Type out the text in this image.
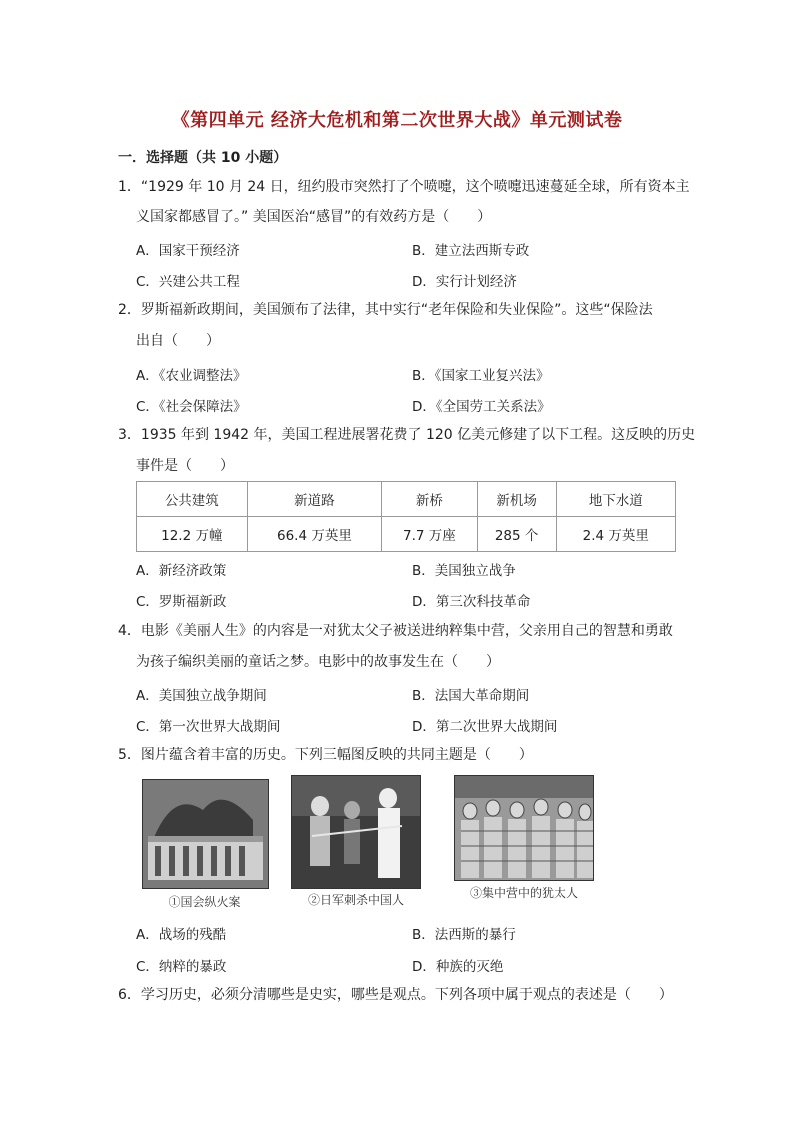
《第四单元 经济大危机和第二次世界大战》单元测试卷
一．选择题（共 10 小题）
1．“1929 年 10 月 24 日，纽约股市突然打了个喷嚏，这个喷嚏迅速蔓延全球，所有资本主
义国家都感冒了。” 美国医治“感冒”的有效药方是（　　）
A．国家干预经济	B．建立法西斯专政
C．兴建公共工程	D．实行计划经济
2．罗斯福新政期间，美国颁布了法律，其中实行“老年保险和失业保险”。这些“保险法
出自（　　）
A．《农业调整法》	B．《国家工业复兴法》
C．《社会保障法》	D．《全国劳工关系法》
3．1935 年到 1942 年，美国工程进展署花费了 120 亿美元修建了以下工程。这反映的历史
事件是（　　）
公共建筑	新道路	新桥	新机场	地下水道
12.2 万幢	66.4 万英里	7.7 万座	285 个	2.4 万英里
A．新经济政策	B．美国独立战争
C．罗斯福新政	D．第三次科技革命
4．电影《美丽人生》的内容是一对犹太父子被送进纳粹集中营，父亲用自己的智慧和勇敢
为孩子编织美丽的童话之梦。电影中的故事发生在（　　）
A．美国独立战争期间	B．法国大革命期间
C．第一次世界大战期间	D．第二次世界大战期间
5．图片蕴含着丰富的历史。下列三幅图反映的共同主题是（　　）
①国会纵火案	②日军刺杀中国人	③集中营中的犹太人
A．战场的残酷	B．法西斯的暴行
C．纳粹的暴政	D．种族的灭绝
6．学习历史，必须分清哪些是史实，哪些是观点。下列各项中属于观点的表述是（　　）
